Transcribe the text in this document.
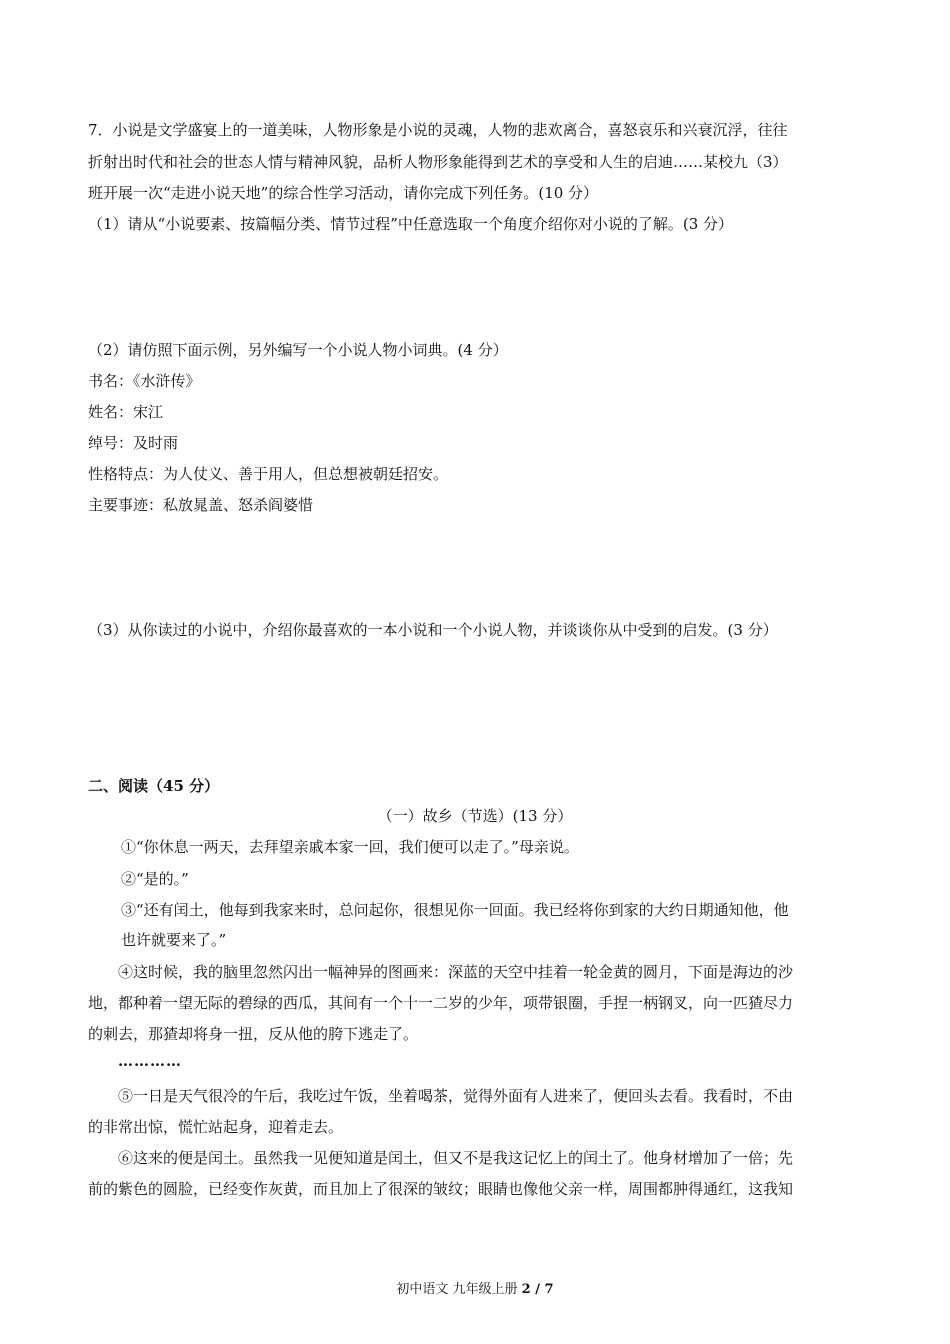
7．小说是文学盛宴上的一道美味，人物形象是小说的灵魂，人物的悲欢离合，喜怒哀乐和兴衰沉浮，往往
折射出时代和社会的世态人情与精神风貌，品析人物形象能得到艺术的享受和人生的启迪……某校九（3）
班开展一次“走进小说天地”的综合性学习活动，请你完成下列任务。(10 分）
（1）请从“小说要素、按篇幅分类、情节过程”中任意选取一个角度介绍你对小说的了解。(3 分）
（2）请仿照下面示例，另外编写一个小说人物小词典。(4 分）
书名：《水浒传》
姓名：宋江
绰号：及时雨
性格特点：为人仗义、善于用人，但总想被朝廷招安。
主要事迹：私放晁盖、怒杀阎婆惜
（3）从你读过的小说中，介绍你最喜欢的一本小说和一个小说人物，并谈谈你从中受到的启发。(3 分）
二、阅读（45 分）
（一）故乡（节选）(13 分）
①“你休息一两天，去拜望亲戚本家一回，我们便可以走了。”母亲说。
②“是的。”
③“还有闰土，他每到我家来时，总问起你，很想见你一回面。我已经将你到家的大约日期通知他，他
也许就要来了。”
④这时候，我的脑里忽然闪出一幅神异的图画来：深蓝的天空中挂着一轮金黄的圆月，下面是海边的沙
地，都种着一望无际的碧绿的西瓜，其间有一个十一二岁的少年，项带银圈，手捏一柄钢叉，向一匹猹尽力
的刺去，那猹却将身一扭，反从他的胯下逃走了。
…………
⑤一日是天气很冷的午后，我吃过午饭，坐着喝茶，觉得外面有人进来了，便回头去看。我看时，不由
的非常出惊，慌忙站起身，迎着走去。
⑥这来的便是闰土。虽然我一见便知道是闰土，但又不是我这记忆上的闰土了。他身材增加了一倍；先
前的紫色的圆脸，已经变作灰黄，而且加上了很深的皱纹；眼睛也像他父亲一样，周围都肿得通红，这我知
初中语文 九年级上册 2 / 7
